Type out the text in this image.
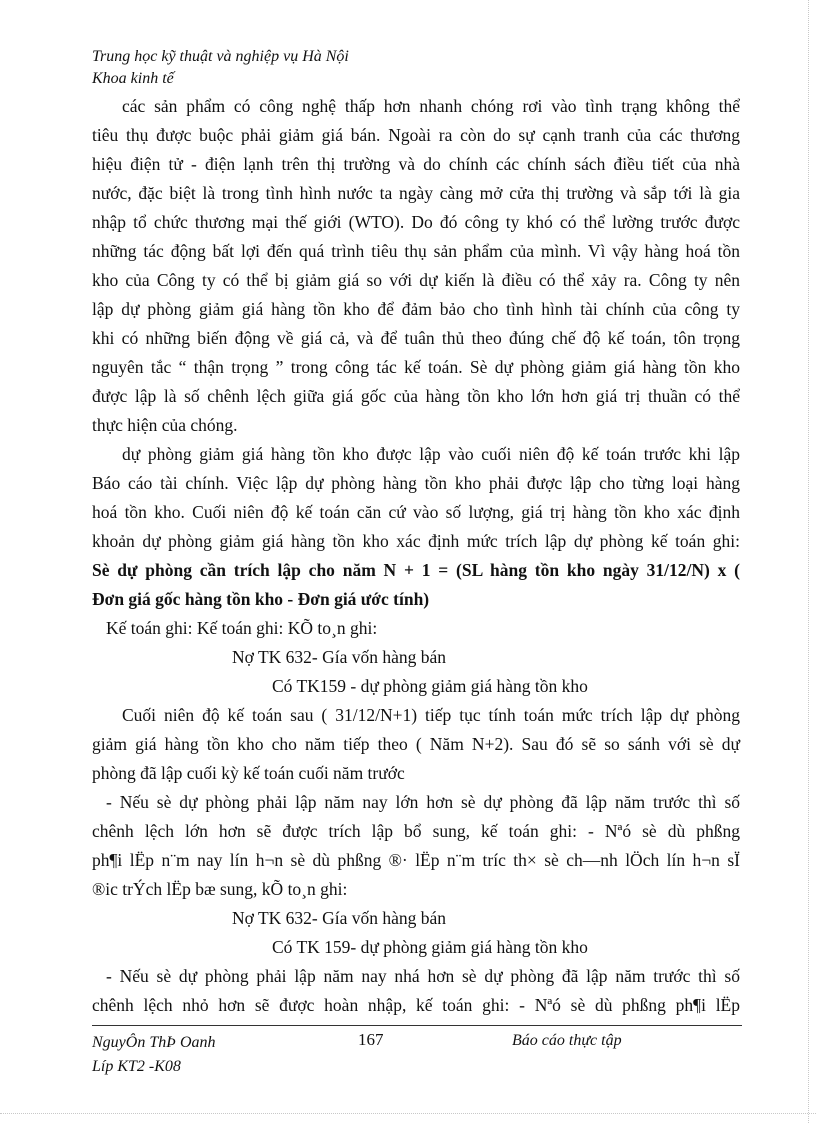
Trung học kỹ thuật và nghiệp vụ Hà Nội
Khoa kinh tế
các sản phẩm có công nghệ thấp hơn nhanh chóng rơi vào tình trạng không thể
tiêu thụ được buộc phải giảm giá bán. Ngoài ra còn do sự cạnh tranh của các thương
hiệu điện tử - điện lạnh trên thị trường và do chính các chính sách điều tiết của nhà
nước, đặc biệt là trong tình hình nước ta ngày càng mở cửa thị trường và sắp tới là gia
nhập tổ chức thương mại thế giới (WTO). Do đó công ty khó có thể lường trước được
những tác động bất lợi đến quá trình tiêu thụ sản phẩm của mình. Vì vậy hàng hoá tồn
kho của Công ty có thể bị giảm giá so với dự kiến là điều có thể xảy ra. Công ty nên
lập dự phòng giảm giá hàng tồn kho để đảm bảo cho tình hình tài chính của công ty
khi có những biến động về giá cả, và để tuân thủ theo đúng chế độ kế toán, tôn trọng
nguyên tắc “ thận trọng ” trong công tác kế toán. Sè dự phòng giảm giá hàng tồn kho
được lập là số chênh lệch giữa giá gốc của hàng tồn kho lớn hơn giá trị thuần có thể
thực hiện của chóng.
dự phòng giảm giá hàng tồn kho được lập vào cuối niên độ kế toán trước khi lập
Báo cáo tài chính. Việc lập dự phòng hàng tồn kho phải được lập cho từng loại hàng
hoá tồn kho. Cuối niên độ kế toán căn cứ vào số lượng, giá trị hàng tồn kho xác định
khoản dự phòng giảm giá hàng tồn kho xác định mức trích lập dự phòng kế toán ghi:
Sè dự phòng cần trích lập cho năm N + 1 = (SL hàng tồn kho ngày 31/12/N) x (
Đơn giá gốc hàng tồn kho - Đơn giá ước tính)
Kế toán ghi: Kế toán ghi: KÕ to¸n ghi:
Nợ TK 632- Gía vốn hàng bán
Có TK159 - dự phòng giảm giá hàng tồn kho
Cuối niên độ kế toán sau ( 31/12/N+1) tiếp tục tính toán mức trích lập dự phòng
giảm giá hàng tồn kho cho năm tiếp theo ( Năm N+2). Sau đó sẽ so sánh với sè dự
phòng đã lập cuối kỳ kế toán cuối năm trước
- Nếu sè dự phòng phải lập năm nay lớn hơn sè dự phòng đã lập năm trước thì số
chênh lệch lớn hơn sẽ được trích lập bổ sung, kế toán ghi: - Nªó sè dù phßng
ph¶i lËp n¨m nay lín h¬n sè dù phßng ®· lËp n¨m tríc th× sè ch—nh lÖch lín h¬n sÏ
®ic trÝch lËp bæ sung, kÕ to¸n ghi:
Nợ TK 632- Gía vốn hàng bán
Có TK 159- dự phòng giảm giá hàng tồn kho
- Nếu sè dự phòng phải lập năm nay nhá hơn sè dự phòng đã lập năm trước thì số
chênh lệch nhỏ hơn sẽ được hoàn nhập, kế toán ghi: - Nªó sè dù phßng ph¶i lËp
NguyÔn ThÞ Oanh	167	Báo cáo thực tập
Líp KT2 -K08
